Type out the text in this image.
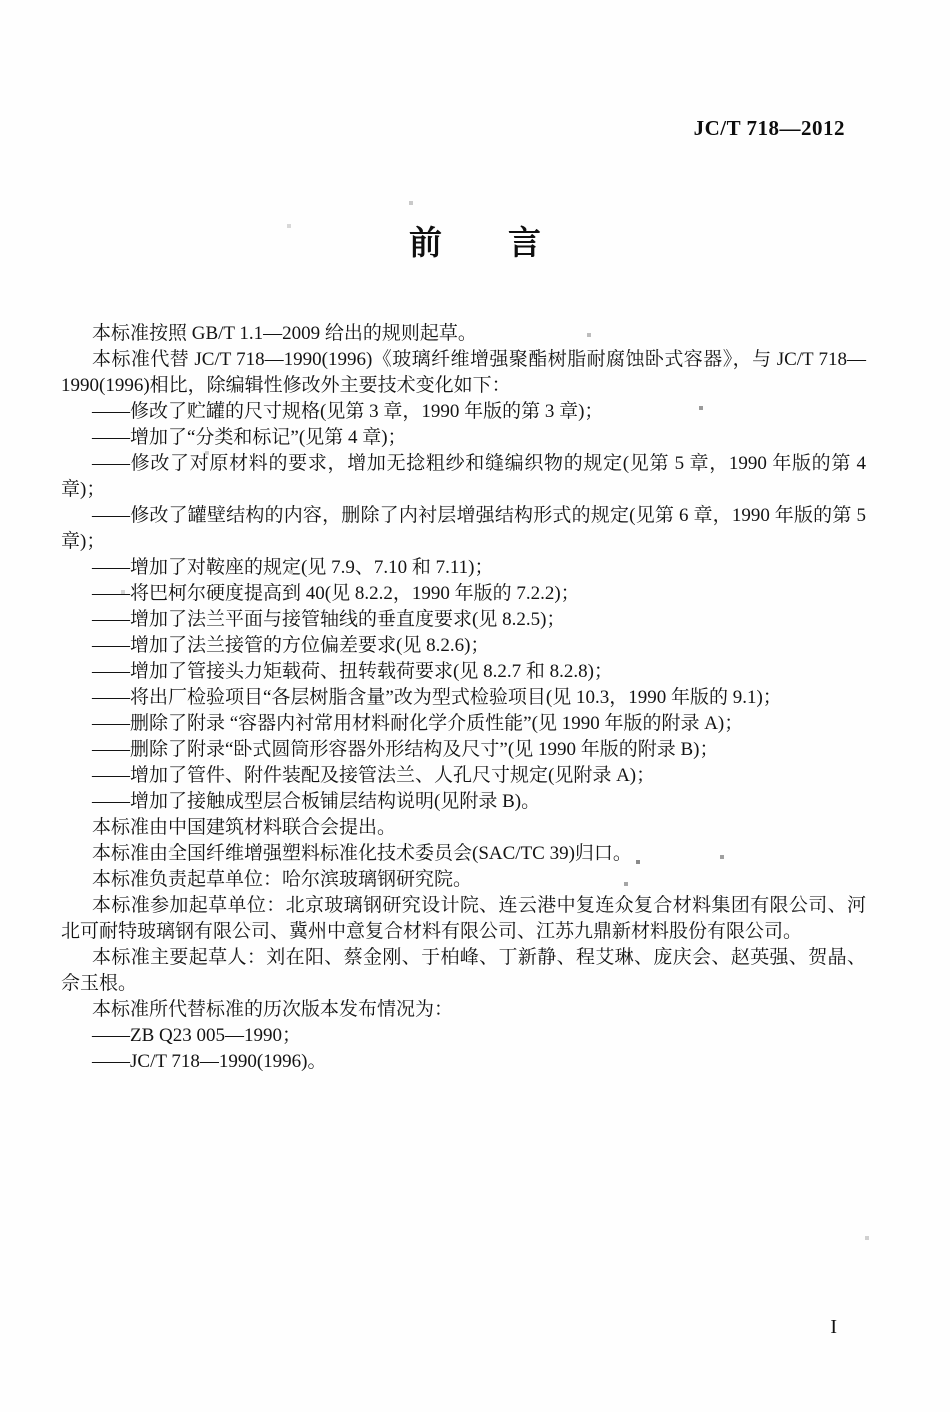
JC/T 718—2012
前　　言

本标准按照 GB/T 1.1—2009 给出的规则起草。

本标准代替 JC/T 718—1990(1996)《玻璃纤维增强聚酯树脂耐腐蚀卧式容器》，与 JC/T 718—1990(1996)相比，除编辑性修改外主要技术变化如下：

——修改了贮罐的尺寸规格(见第 3 章，1990 年版的第 3 章)；

——增加了“分类和标记”(见第 4 章)；

——修改了对原材料的要求，增加无捻粗纱和缝编织物的规定(见第 5 章，1990 年版的第 4 章)；

——修改了罐壁结构的内容，删除了内衬层增强结构形式的规定(见第 6 章，1990 年版的第 5 章)；

——增加了对鞍座的规定(见 7.9、7.10 和 7.11)；

——将巴柯尔硬度提高到 40(见 8.2.2，1990 年版的 7.2.2)；

——增加了法兰平面与接管轴线的垂直度要求(见 8.2.5)；

——增加了法兰接管的方位偏差要求(见 8.2.6)；

——增加了管接头力矩载荷、扭转载荷要求(见 8.2.7 和 8.2.8)；

——将出厂检验项目“各层树脂含量”改为型式检验项目(见 10.3，1990 年版的 9.1)；

——删除了附录 “容器内衬常用材料耐化学介质性能”(见 1990 年版的附录 A)；

——删除了附录“卧式圆筒形容器外形结构及尺寸”(见 1990 年版的附录 B)；

——增加了管件、附件装配及接管法兰、人孔尺寸规定(见附录 A)；

——增加了接触成型层合板铺层结构说明(见附录 B)。

本标准由中国建筑材料联合会提出。

本标准由全国纤维增强塑料标准化技术委员会(SAC/TC 39)归口。

本标准负责起草单位：哈尔滨玻璃钢研究院。

本标准参加起草单位：北京玻璃钢研究设计院、连云港中复连众复合材料集团有限公司、河北可耐特玻璃钢有限公司、冀州中意复合材料有限公司、江苏九鼎新材料股份有限公司。

本标准主要起草人：刘在阳、蔡金刚、于柏峰、丁新静、程艾琳、庞庆会、赵英强、贺晶、佘玉根。

本标准所代替标准的历次版本发布情况为：

——ZB Q23 005—1990；

——JC/T 718—1990(1996)。

I
